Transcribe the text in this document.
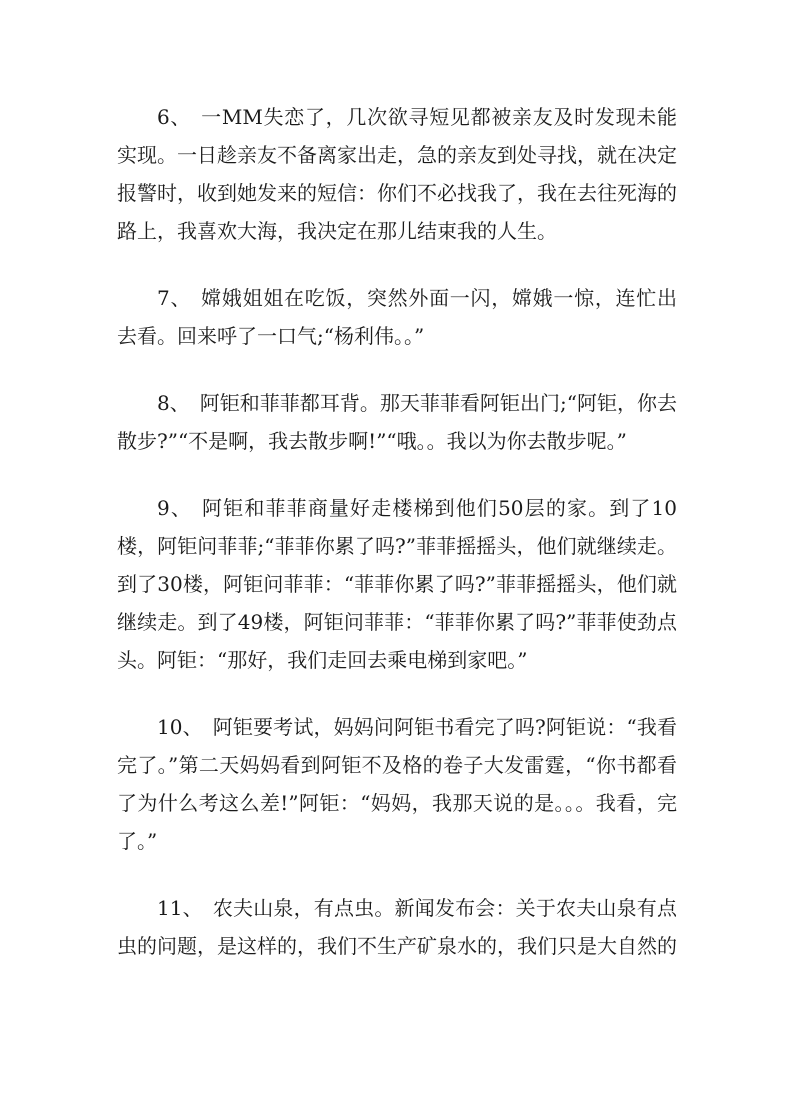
6、 一MM失恋了，几次欲寻短见都被亲友及时发现未能实现。一日趁亲友不备离家出走，急的亲友到处寻找，就在决定报警时，收到她发来的短信：你们不必找我了，我在去往死海的路上，我喜欢大海，我决定在那儿结束我的人生。

7、 嫦娥姐姐在吃饭，突然外面一闪，嫦娥一惊，连忙出去看。回来呼了一口气;“杨利伟。。”

8、 阿钜和菲菲都耳背。那天菲菲看阿钜出门;“阿钜，你去散步?”“不是啊，我去散步啊!”“哦。。我以为你去散步呢。”

9、 阿钜和菲菲商量好走楼梯到他们50层的家。到了10楼，阿钜问菲菲;“菲菲你累了吗?”菲菲摇摇头，他们就继续走。到了30楼，阿钜问菲菲：“菲菲你累了吗?”菲菲摇摇头，他们就继续走。到了49楼，阿钜问菲菲：“菲菲你累了吗?”菲菲使劲点头。阿钜：“那好，我们走回去乘电梯到家吧。”

10、 阿钜要考试，妈妈问阿钜书看完了吗?阿钜说：“我看完了。”第二天妈妈看到阿钜不及格的卷子大发雷霆，“你书都看了为什么考这么差!”阿钜：“妈妈，我那天说的是。。。我看，完了。”

11、 农夫山泉，有点虫。新闻发布会：关于农夫山泉有点虫的问题，是这样的，我们不生产矿泉水的，我们只是大自然的
